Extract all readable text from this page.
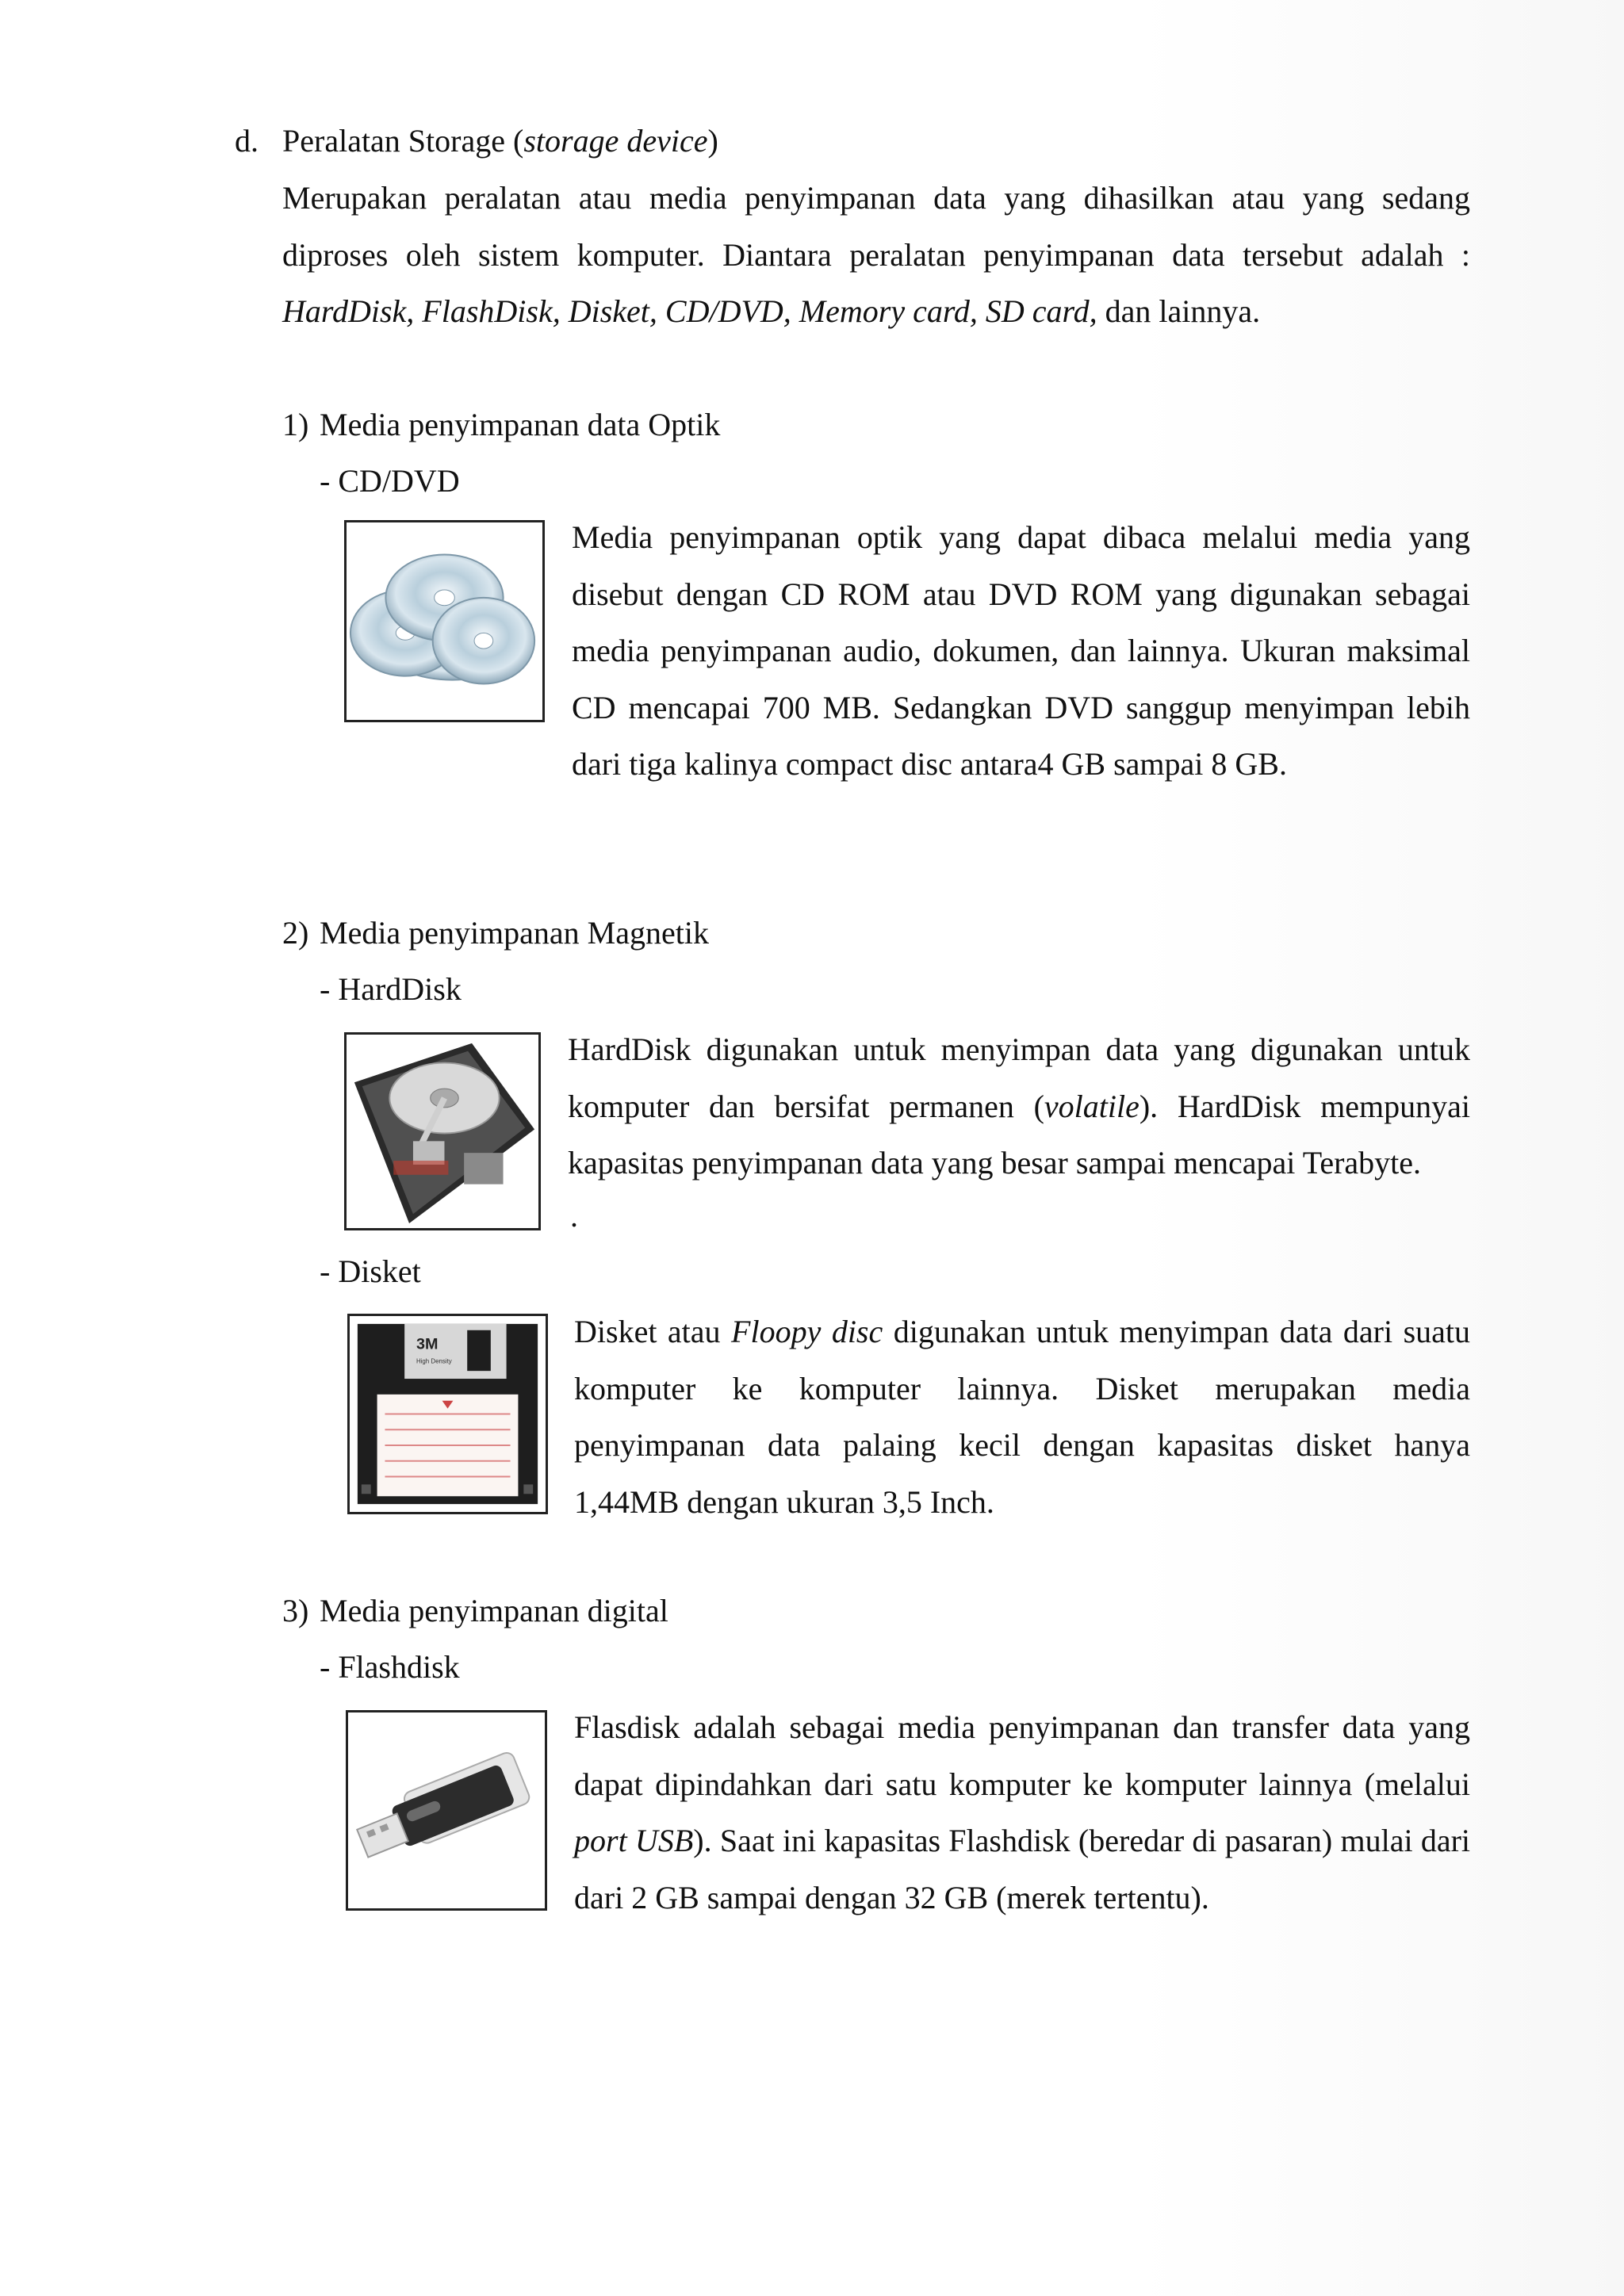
d. Peralatan Storage (storage device)

Merupakan peralatan atau media penyimpanan data yang dihasilkan atau yang sedang diproses oleh sistem komputer. Diantara peralatan penyimpanan data tersebut adalah : HardDisk, FlashDisk, Disket, CD/DVD, Memory card, SD card, dan lainnya.

1) Media penyimpanan data Optik
- CD/DVD

Media penyimpanan optik yang dapat dibaca melalui media yang disebut dengan CD ROM atau DVD ROM yang digunakan sebagai media penyimpanan audio, dokumen, dan lainnya. Ukuran maksimal CD mencapai 700 MB. Sedangkan DVD sanggup menyimpan lebih dari tiga kalinya compact disc antara4 GB sampai 8 GB.

2) Media penyimpanan Magnetik
- HardDisk

HardDisk digunakan untuk menyimpan data yang digunakan untuk komputer dan bersifat permanen (volatile). HardDisk mempunyai kapasitas penyimpanan data yang besar sampai mencapai Terabyte.

.
- Disket
3M
High Density

Disket atau Floopy disc digunakan untuk menyimpan data dari suatu komputer ke komputer lainnya. Disket merupakan media penyimpanan data palaing kecil dengan kapasitas disket hanya 1,44MB dengan ukuran 3,5 Inch.

3) Media penyimpanan digital
- Flashdisk

Flasdisk adalah sebagai media penyimpanan dan transfer data yang dapat dipindahkan dari satu komputer ke komputer lainnya (melalui port USB). Saat ini kapasitas Flashdisk (beredar di pasaran) mulai dari dari 2 GB sampai dengan 32 GB (merek tertentu).
